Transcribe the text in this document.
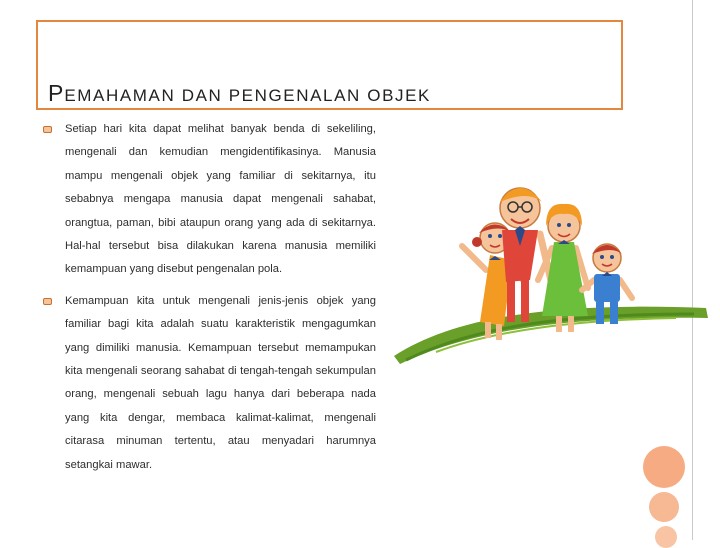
PEMAHAMAN DAN PENGENALAN OBJEK

Setiap hari kita dapat melihat banyak benda di sekeliling, mengenali dan kemudian mengidentifikasinya. Manusia mampu mengenali objek yang familiar di sekitarnya, itu sebabnya mengapa manusia dapat mengenali sahabat, orangtua, paman, bibi ataupun orang yang ada di sekitarnya. Hal-hal tersebut bisa dilakukan karena manusia memiliki kemampuan yang disebut pengenalan pola.

Kemampuan kita untuk mengenali jenis-jenis objek yang familiar bagi kita adalah suatu karakteristik mengagumkan yang dimiliki manusia. Kemampuan tersebut memampukan kita mengenali seorang sahabat di tengah-tengah sekumpulan orang, mengenali sebuah lagu hanya dari beberapa nada yang kita dengar, membaca kalimat-kalimat, mengenali citarasa minuman tertentu, atau menyadari harumnya setangkai mawar.
